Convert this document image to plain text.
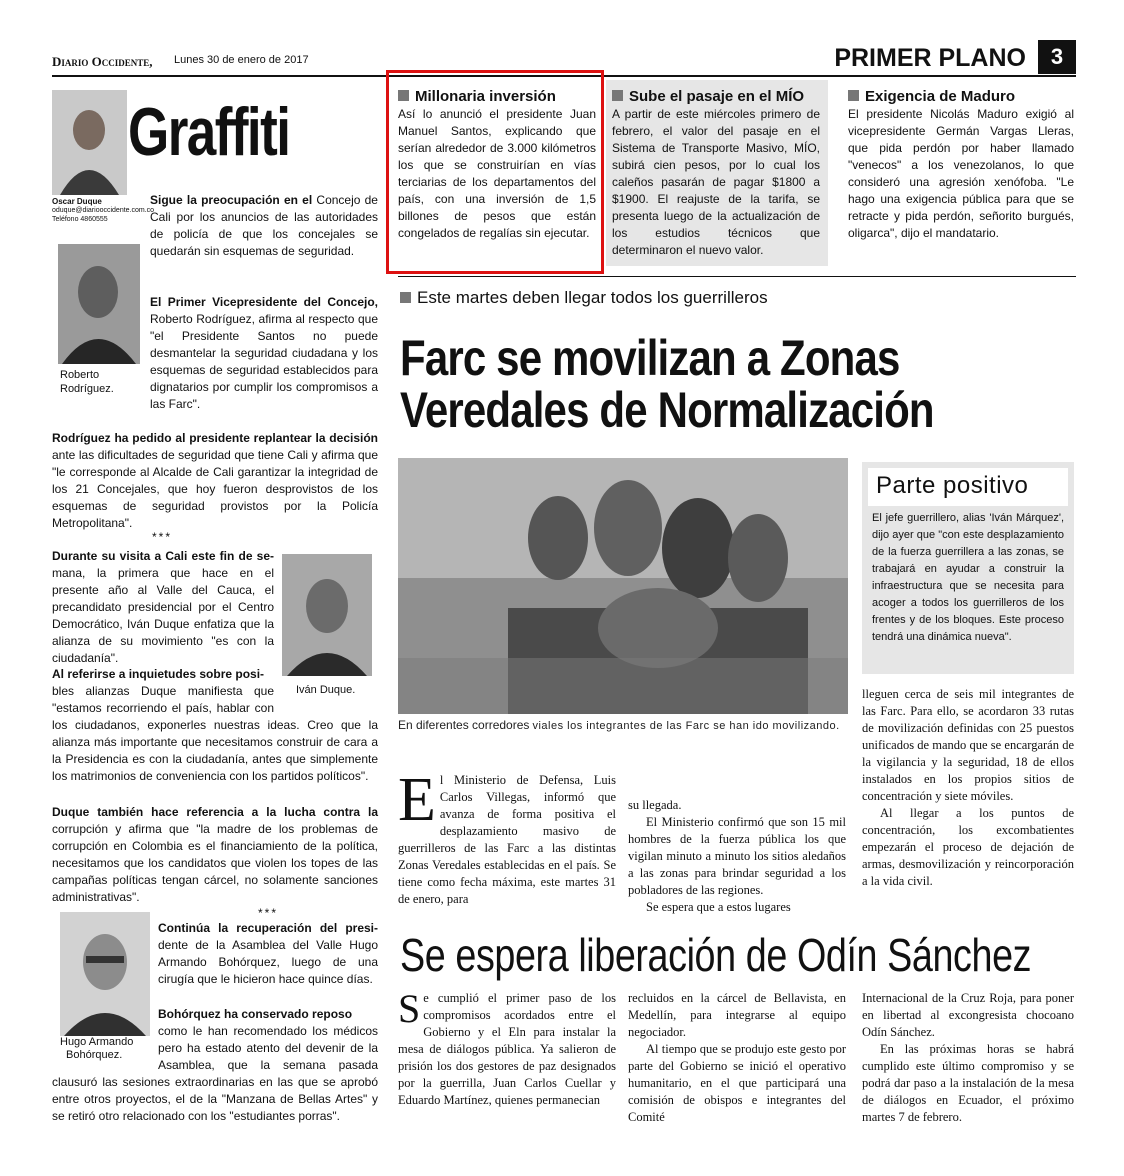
Diario Occidente, Lunes 30 de enero de 2017	PRIMER PLANO	3
Graffiti
Oscar Duque
oduque@diariooccidente.com.co
Teléfono 4860555
Sigue la preocupación en el Concejo de Cali por los anuncios de las autoridades de policía de que los concejales se quedarán sin esquemas de seguridad.
Roberto
Rodríguez.
El Primer Vicepresidente del Concejo, Roberto Rodríguez, afirma al respecto que "el Presidente Santos no puede desmantelar la seguridad ciudadana y los esquemas de seguridad establecidos para dignatarios por cumplir los compromisos a las Farc".
Rodríguez ha pedido al presidente replantear la decisión ante las dificultades de seguridad que tiene Cali y afirma que "le corresponde al Alcalde de Cali garantizar la integridad de los 21 Concejales, que hoy fueron desprovistos de los esquemas de seguridad provistos por la Policía Metropolitana".
***
Durante su visita a Cali este fin de se- mana, la primera que hace en el presente año al Valle del Cauca, el precandidato presidencial por el Centro Democrático, Iván Duque enfatiza que la alianza de su movimiento "es con la ciudadanía".
Iván Duque.
Al referirse a inquietudes sobre posi-
bles alianzas Duque manifiesta que "estamos recorriendo el país, hablar con los ciudadanos, exponerles nuestras ideas. Creo que la alianza más importante que necesitamos construir de cara a la Presidencia es con la ciudadanía, antes que simplemente los matrimonios de conveniencia con los partidos políticos".
Duque también hace referencia a la lucha contra la corrupción y afirma que "la madre de los problemas de corrupción en Colombia es el financiamiento de la política, necesitamos que los candidatos que violen los topes de las campañas políticas tengan cárcel, no solamente sanciones administrativas".
***
Continúa la recuperación del presi- dente de la Asamblea del Valle Hugo Armando Bohórquez, luego de una cirugía que le hicieron hace quince días.
Bohórquez ha conservado reposo
como le han recomendado los médicos pero ha estado atento del devenir de la Asamblea, que la semana pasada clausuró las sesiones extraordinarias en las que se aprobó entre otros proyectos, el de la "Manzana de Bellas Artes" y se retiró otro relacionado con los "estudiantes porras".
Hugo Armando
Bohórquez.
Millonaria inversión
Así lo anunció el presidente Juan Manuel Santos, explicando que serían alrededor de 3.000 kilómetros los que se construirían en vías terciarias de los departamentos del país, con una inversión de 1,5 billones de pesos que están congelados de regalías sin ejecutar.
Sube el pasaje en el MÍO
A partir de este miércoles primero de febrero, el valor del pasaje en el Sistema de Transporte Masivo, MÍO, subirá cien pesos, por lo cual los caleños pasarán de pagar $1800 a $1900. El reajuste de la tarifa, se presenta luego de la actualización de los estudios técnicos que determinaron el nuevo valor.
Exigencia de Maduro
El presidente Nicolás Maduro exigió al vicepresidente Germán Vargas Lleras, que pida perdón por haber llamado "venecos" a los venezolanos, lo que consideró una agresión xenófoba. "Le hago una exigencia pública para que se retracte y pida perdón, señorito burgués, oligarca", dijo el mandatario.
Este martes deben llegar todos los guerrilleros
Farc se movilizan a Zonas
Veredales de Normalización
En diferentes corredores viales los integrantes de las Farc se han ido movilizando.
Parte positivo
El jefe guerrillero, alias 'Iván Márquez', dijo ayer que "con este desplazamiento de la fuerza guerrillera a las zonas, se trabajará en ayudar a construir la infraestructura que se necesita para acoger a todos los guerrilleros de los frentes y de los bloques. Este proceso tendrá una dinámica nueva".
E l Ministerio de Defensa, Luis Carlos Villegas, informó que avanza de forma positiva el desplazamiento masivo de guerrilleros de las Farc a las distintas Zonas Veredales establecidas en el país. Se tiene como fecha máxima, este martes 31 de enero, para
su llegada.
El Ministerio confirmó que son 15 mil hombres de la fuerza pública los que vigilan minuto a minuto los sitios aledaños a las zonas para brindar seguridad a los pobladores de las regiones.
Se espera que a estos lugares
lleguen cerca de seis mil integrantes de las Farc. Para ello, se acordaron 33 rutas de movilización definidas con 25 puestos unificados de mando que se encargarán de la vigilancia y la seguridad, 18 de ellos instalados en los propios sitios de concentración y siete móviles.
Al llegar a los puntos de concentración, los excombatientes empezarán el proceso de dejación de armas, desmovilización y reincorporación a la vida civil.
Se espera liberación de Odín Sánchez
S e cumplió el primer paso de los compromisos acordados entre el Gobierno y el Eln para instalar la mesa de diálogos pública. Ya salieron de prisión los dos gestores de paz designados por la guerrilla, Juan Carlos Cuellar y Eduardo Martínez, quienes permanecian
recluidos en la cárcel de Bellavista, en Medellín, para integrarse al equipo negociador.
Al tiempo que se produjo este gesto por parte del Gobierno se inició el operativo humanitario, en el que participará una comisión de obispos e integrantes del Comité
Internacional de la Cruz Roja, para poner en libertad al excongresista chocoano Odín Sánchez.
En las próximas horas se habrá cumplido este último compromiso y se podrá dar paso a la instalación de la mesa de diálogos en Ecuador, el próximo martes 7 de febrero.
